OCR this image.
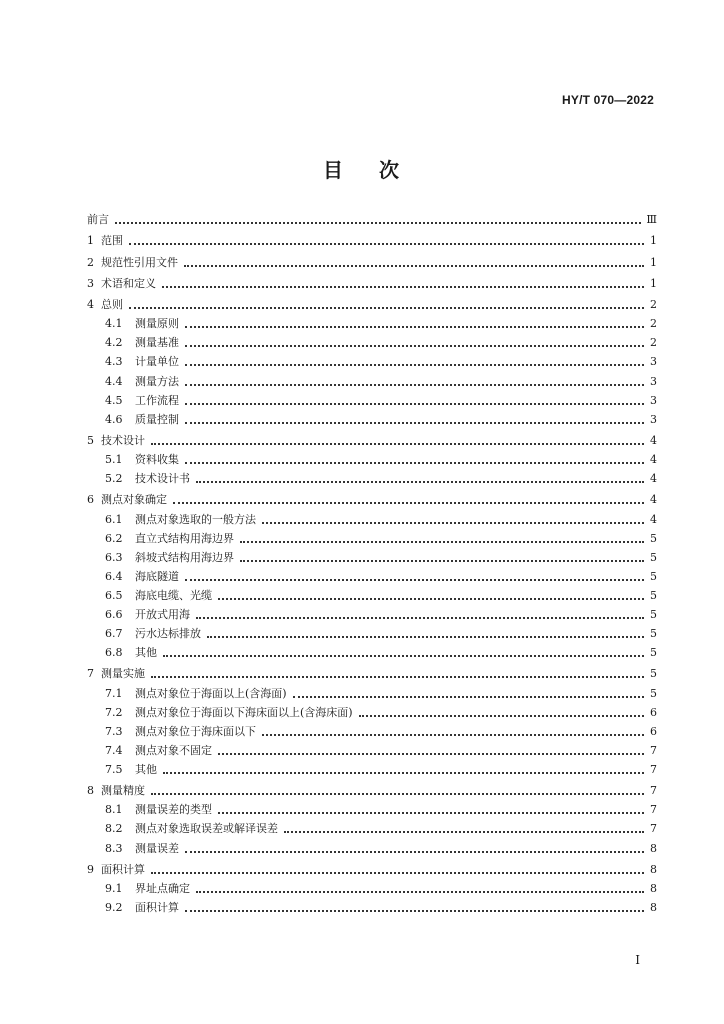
HY/T 070—2022
目 次
前言	Ⅲ
1 范围	1
2 规范性引用文件	1
3 术语和定义	1
4 总则	2
4.1	测量原则	2
4.2	测量基准	2
4.3	计量单位	3
4.4	测量方法	3
4.5	工作流程	3
4.6	质量控制	3
5 技术设计	4
5.1	资料收集	4
5.2	技术设计书	4
6 测点对象确定	4
6.1	测点对象选取的一般方法	4
6.2	直立式结构用海边界	5
6.3	斜坡式结构用海边界	5
6.4	海底隧道	5
6.5	海底电缆、光缆	5
6.6	开放式用海	5
6.7	污水达标排放	5
6.8	其他	5
7 测量实施	5
7.1	测点对象位于海面以上(含海面)	5
7.2	测点对象位于海面以下海床面以上(含海床面)	6
7.3	测点对象位于海床面以下	6
7.4	测点对象不固定	7
7.5	其他	7
8 测量精度	7
8.1	测量误差的类型	7
8.2	测点对象选取误差或解译误差	7
8.3	测量误差	8
9 面积计算	8
9.1	界址点确定	8
9.2	面积计算	8
I
